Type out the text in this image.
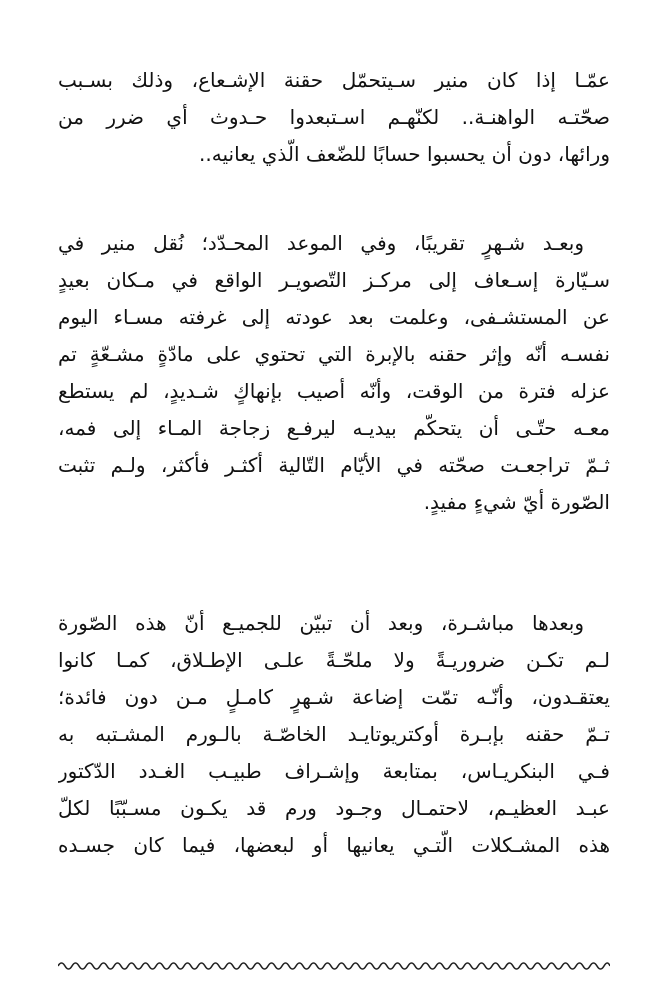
عمّـا إذا كان منير سـيتحمّل حقنة الإشـعاع، وذلك بسـبب
صحّتـه الواهنـة.. لكنّهـم اسـتبعدوا حـدوث أي ضرر من
ورائها، دون أن يحسبوا حسابًا للضّعف الّذي يعانيه..
وبعـد شـهرٍ تقريبًا، وفي الموعد المحـدّد؛ نُقل منير في
سـيّارة إسـعاف إلى مركـز التّصويـر الواقع في مـكان بعيدٍ
عن المستشـفى، وعلمت بعد عودته إلى غرفته مسـاء اليوم
نفسـه أنّه وإثر حقنه بالإبرة التي تحتوي على مادّةٍ مشـعّةٍ تم
عزله فترة من الوقت، وأنّه أصيب بإنهاكٍ شـديدٍ، لم يستطع
معـه حتّـى أن يتحكّم بيديـه ليرفـع زجاجة المـاء إلى فمه،
ثـمّ تراجعـت صحّته في الأيّام التّالية أكثـر فأكثر، ولـم تثبت
الصّورة أيّ شيءٍ مفيدٍ.
وبعدها مباشـرة، وبعد أن تبيّن للجميـع أنّ هذه الصّورة
لـم تكـن ضروريـةً ولا ملحّـةً علـى الإطـلاق، كمـا كانوا
يعتقـدون، وأنّـه تمّت إضاعة شـهرٍ كامـلٍ مـن دون فائدة؛
تـمّ حقنه بإبـرة أوكتريوتايـد الخاصّـة بالـورم المشـتبه به
فـي البنكريـاس، بمتابعة وإشـراف طبيـب الغـدد الدّكتور
عبـد العظيـم، لاحتمـال وجـود ورم قد يكـون مسـبّبًا لكلّ
هذه المشـكلات الّتـي يعانيها أو لبعضها، فيما كان جسـده
